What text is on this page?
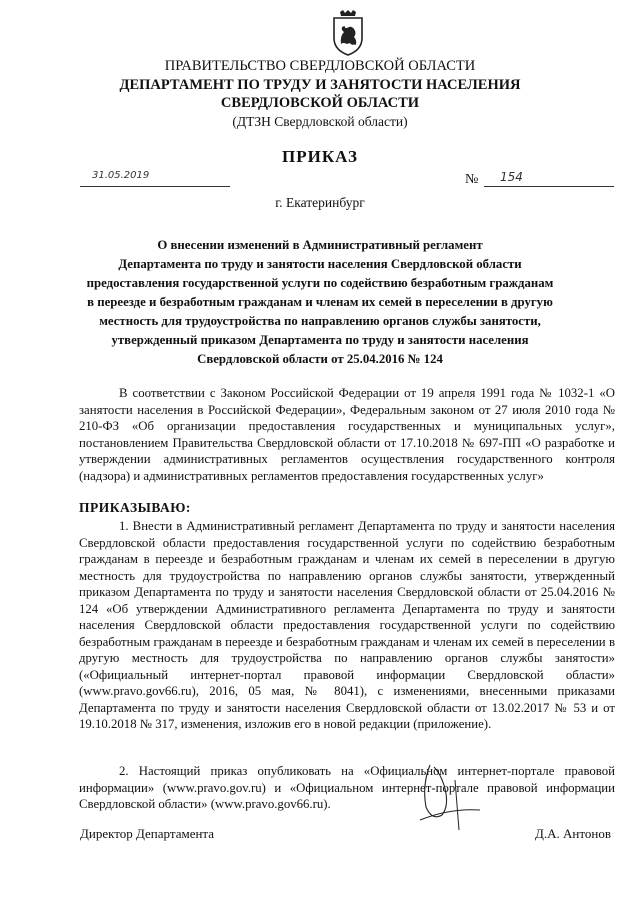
ПРАВИТЕЛЬСТВО СВЕРДЛОВСКОЙ ОБЛАСТИ
ДЕПАРТАМЕНТ ПО ТРУДУ И ЗАНЯТОСТИ НАСЕЛЕНИЯ
СВЕРДЛОВСКОЙ ОБЛАСТИ
(ДТЗН Свердловской области)
ПРИКАЗ
31.05.2019	№ 154
г. Екатеринбург
О внесении изменений в Административный регламент
Департамента по труду и занятости населения Свердловской области
предоставления государственной услуги по содействию безработным гражданам
в переезде и безработным гражданам и членам их семей в переселении в другую
местность для трудоустройства по направлению органов службы занятости,
утвержденный приказом Департамента по труду и занятости населения
Свердловской области от 25.04.2016 № 124

В соответствии с Законом Российской Федерации от 19 апреля 1991 года № 1032-1 «О занятости населения в Российской Федерации», Федеральным законом от 27 июля 2010 года № 210-ФЗ «Об организации предоставления государственных и муниципальных услуг», постановлением Правительства Свердловской области от 17.10.2018 № 697-ПП «О разработке и утверждении административных регламентов осуществления государственного контроля (надзора) и административных регламентов предоставления государственных услуг»

ПРИКАЗЫВАЮ:

1. Внести в Административный регламент Департамента по труду и занятости населения Свердловской области предоставления государственной услуги по содействию безработным гражданам в переезде и безработным гражданам и членам их семей в переселении в другую местность для трудоустройства по направлению органов службы занятости, утвержденный приказом Департамента по труду и занятости населения Свердловской области от 25.04.2016 № 124 «Об утверждении Административного регламента Департамента по труду и занятости населения Свердловской области предоставления государственной услуги по содействию безработным гражданам в переезде и безработным гражданам и членам их семей в переселении в другую местность для трудоустройства по направлению органов службы занятости» («Официальный интернет-портал правовой информации Свердловской области» (www.pravo.gov66.ru), 2016, 05 мая, № 8041), с изменениями, внесенными приказами Департамента по труду и занятости населения Свердловской области от 13.02.2017 № 53 и от 19.10.2018 № 317, изменения, изложив его в новой редакции (приложение).

2. Настоящий приказ опубликовать на «Официальном интернет-портале правовой информации» (www.pravo.gov.ru) и «Официальном интернет-портале правовой информации Свердловской области» (www.pravo.gov66.ru).

Директор Департамента	Д.А. Антонов
